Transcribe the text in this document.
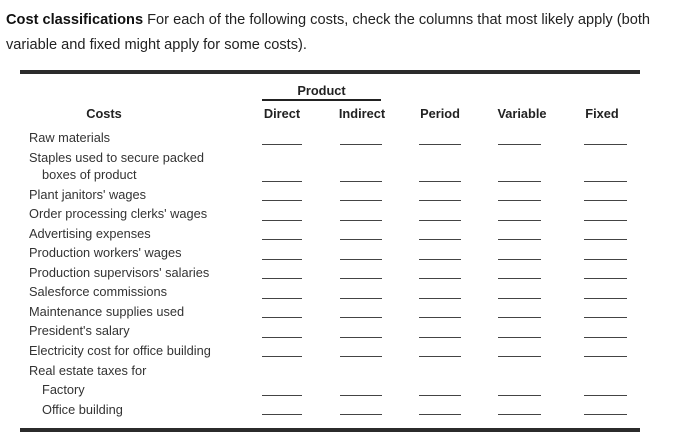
Cost classifications For each of the following costs, check the columns that most likely apply (both variable and fixed might apply for some costs).
Product
Costs	Direct	Indirect	Period	Variable	Fixed
Raw materials
Staples used to secure packed
boxes of product
Plant janitors' wages
Order processing clerks' wages
Advertising expenses
Production workers' wages
Production supervisors' salaries
Salesforce commissions
Maintenance supplies used
President's salary
Electricity cost for office building
Real estate taxes for
Factory
Office building
